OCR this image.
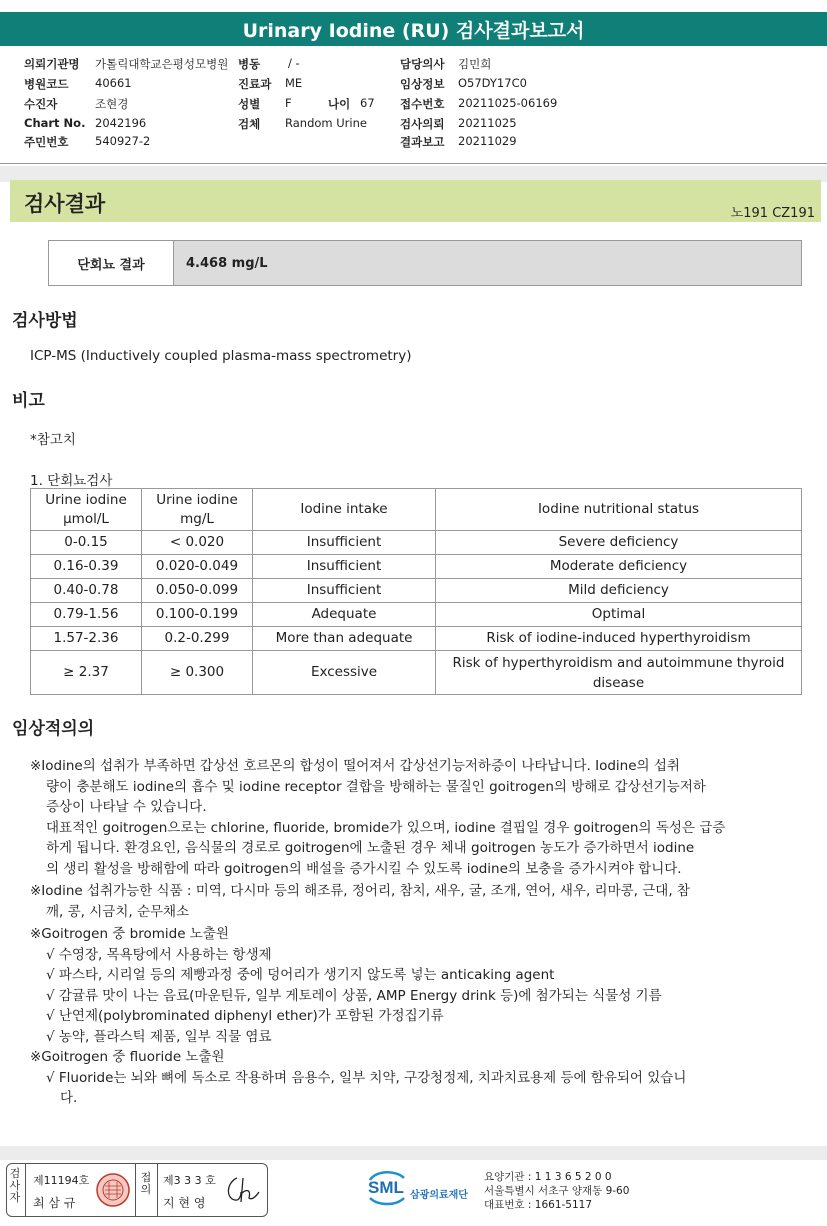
Urinary Iodine (RU) 검사결과보고서
의뢰기관명 가톨릭대학교은평성모병원 병동 / -	담당의사 김민희
병원코드 40661	진료과 ME	임상정보 O57DY17C0
수진자	조현경	성별 F	나이 67 접수번호 20211025-06169
Chart No. 2042196	검체 Random Urine	검사의뢰 20211025
주민번호 540927-2	결과보고 20211029
검사결과	노191 CZ191
단회뇨 결과	4.468 mg/L
검사방법
ICP-MS (Inductively coupled plasma-mass spectrometry)
비고
*참고치
1. 단회뇨검사
Urine iodine μmol/L	Urine iodine mg/L	Iodine intake	Iodine nutritional status
0-0.15	< 0.020	Insufficient	Severe deficiency
0.16-0.39	0.020-0.049	Insufficient	Moderate deficiency
0.40-0.78	0.050-0.099	Insufficient	Mild deficiency
0.79-1.56	0.100-0.199	Adequate	Optimal
1.57-2.36	0.2-0.299	More than adequate	Risk of iodine-induced hyperthyroidism
≥ 2.37	≥ 0.300	Excessive	Risk of hyperthyroidism and autoimmune thyroid disease
임상적의의

※Iodine의 섭취가 부족하면 갑상선 호르몬의 합성이 떨어져서 갑상선기능저하증이 나타납니다. Iodine의 섭취

량이 충분해도 iodine의 흡수 및 iodine receptor 결합을 방해하는 물질인 goitrogen의 방해로 갑상선기능저하

증상이 나타날 수 있습니다.

대표적인 goitrogen으로는 chlorine, fluoride, bromide가 있으며, iodine 결핍일 경우 goitrogen의 독성은 급증

하게 됩니다. 환경요인, 음식물의 경로로 goitrogen에 노출된 경우 체내 goitrogen 농도가 증가하면서 iodine

의 생리 활성을 방해함에 따라 goitrogen의 배설을 증가시킬 수 있도록 iodine의 보충을 증가시켜야 합니다.

※Iodine 섭취가능한 식품 : 미역, 다시마 등의 해조류, 정어리, 참치, 새우, 굴, 조개, 연어, 새우, 리마콩, 근대, 참

깨, 콩, 시금치, 순무채소

※Goitrogen 중 bromide 노출원

√ 수영장, 목욕탕에서 사용하는 항생제

√ 파스타, 시리얼 등의 제빵과정 중에 덩어리가 생기지 않도록 넣는 anticaking agent

√ 감귤류 맛이 나는 음료(마운틴듀, 일부 게토레이 상품, AMP Energy drink 등)에 첨가되는 식물성 기름

√ 난연제(polybrominated diphenyl ether)가 포함된 가정집기류

√ 농약, 플라스틱 제품, 일부 직물 염료

※Goitrogen 중 fluoride 노출원

√ Fluoride는 뇌와 뼈에 독소로 작용하며 음용수, 일부 치약, 구강청정제, 치과치료용제 등에 함유되어 있습니

다.

검사자
제11194호
최 삼 규
접의
제3 3 3 호
지 현 영
SML 삼광의료재단
요양기관 : 1 1 3 6 5 2 0 0
서울특별시 서초구 양재동 9-60
대표번호 : 1661-5117
